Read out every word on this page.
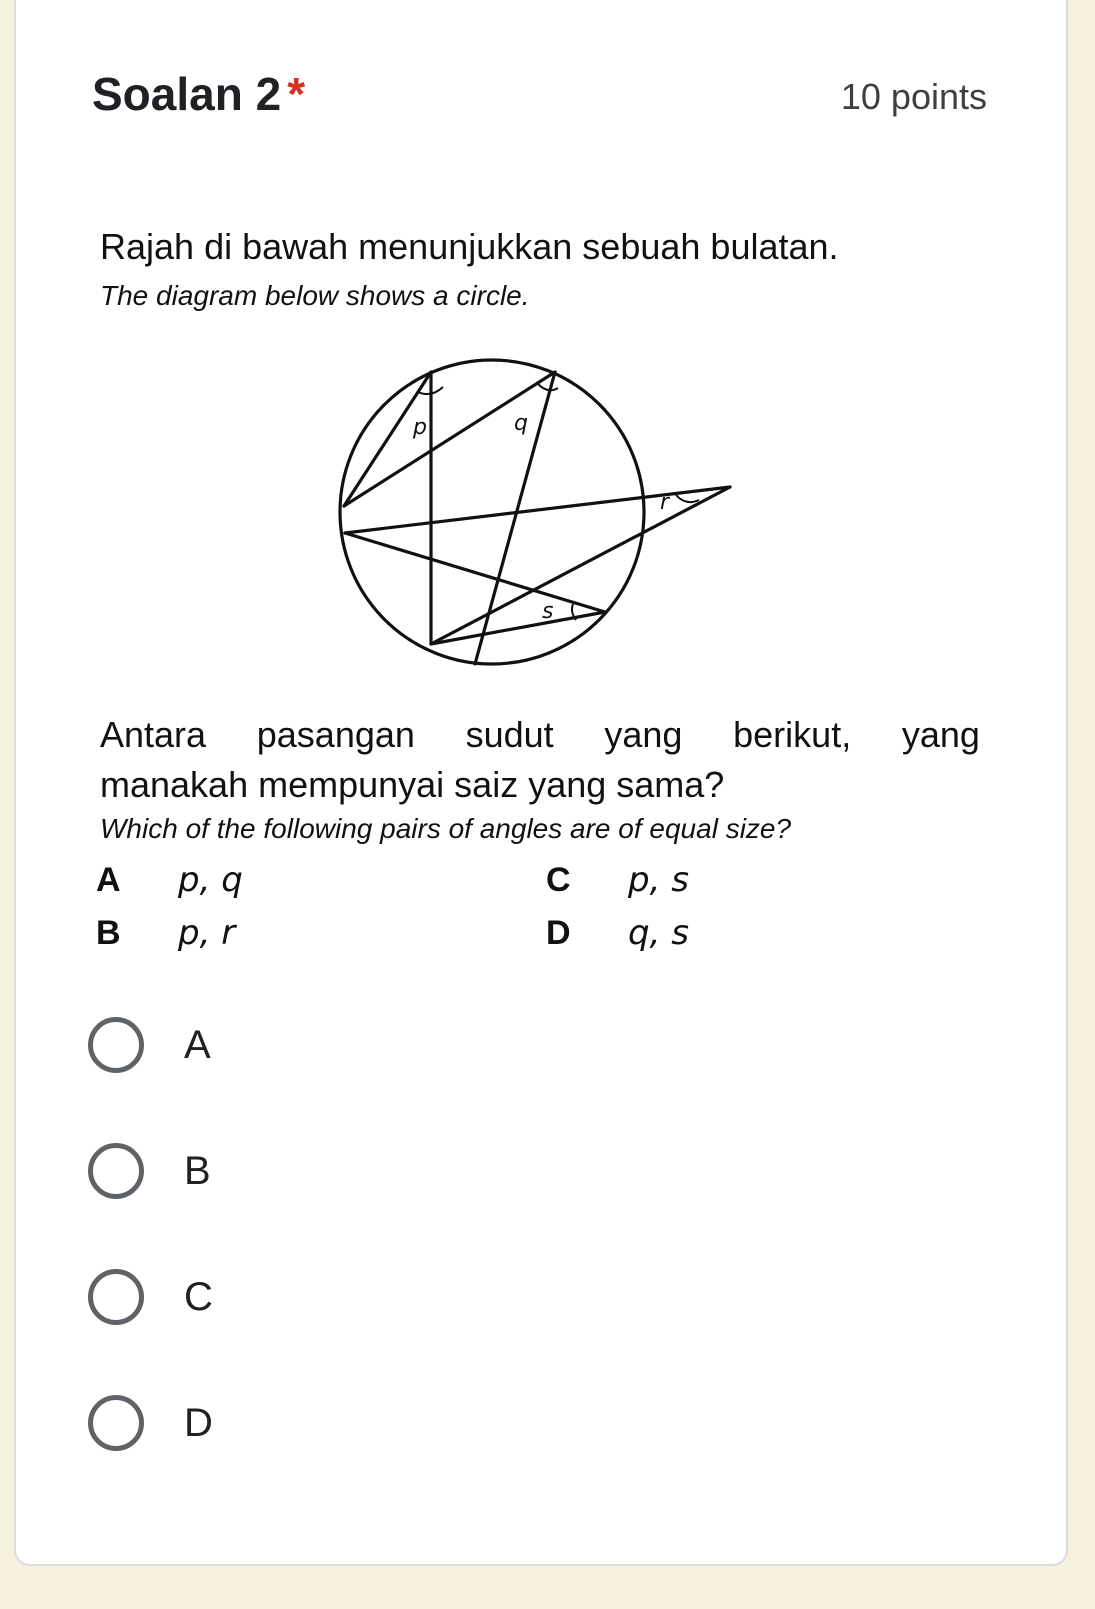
Soalan 2 *	10 points

Rajah di bawah menunjukkan sebuah bulatan.

The diagram below shows a circle.

p	q
r
s

Antara pasangan sudut yang berikut, yang

manakah mempunyai saiz yang sama?

Which of the following pairs of angles are of equal size?

A	p, q
B	p, r
C	p, s
D	q, s
A
B
C
D
